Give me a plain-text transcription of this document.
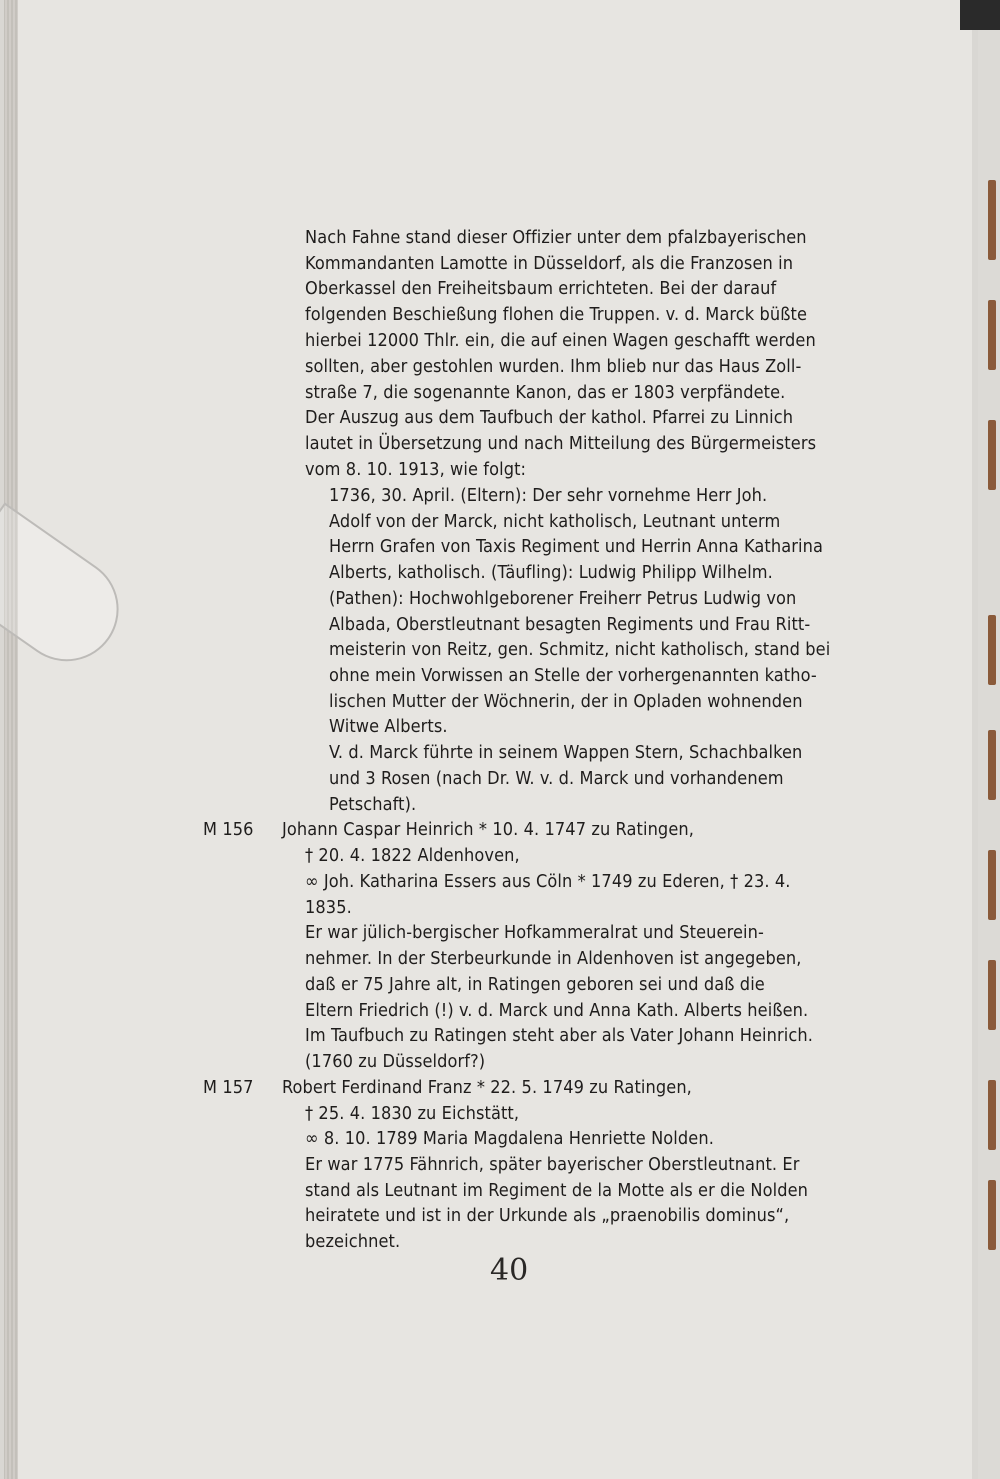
Nach Fahne stand dieser Offizier unter dem pfalzbayerischen
Kommandanten Lamotte in Düsseldorf, als die Franzosen in
Oberkassel den Freiheitsbaum errichteten. Bei der darauf
folgenden Beschießung flohen die Truppen. v. d. Marck büßte
hierbei 12000 Thlr. ein, die auf einen Wagen geschafft werden
sollten, aber gestohlen wurden. Ihm blieb nur das Haus Zoll-
straße 7, die sogenannte Kanon, das er 1803 verpfändete.
Der Auszug aus dem Taufbuch der kathol. Pfarrei zu Linnich
lautet in Übersetzung und nach Mitteilung des Bürgermeisters
vom 8. 10. 1913, wie folgt:
1736, 30. April. (Eltern): Der sehr vornehme Herr Joh.
Adolf von der Marck, nicht katholisch, Leutnant unterm
Herrn Grafen von Taxis Regiment und Herrin Anna Katharina
Alberts, katholisch. (Täufling): Ludwig Philipp Wilhelm.
(Pathen): Hochwohlgeborener Freiherr Petrus Ludwig von
Albada, Oberstleutnant besagten Regiments und Frau Ritt-
meisterin von Reitz, gen. Schmitz, nicht katholisch, stand bei
ohne mein Vorwissen an Stelle der vorhergenannten katho-
lischen Mutter der Wöchnerin, der in Opladen wohnenden
Witwe Alberts.
V. d. Marck führte in seinem Wappen Stern, Schachbalken
und 3 Rosen (nach Dr. W. v. d. Marck und vorhandenem
Petschaft).
M 156 Johann Caspar Heinrich * 10. 4. 1747 zu Ratingen,
† 20. 4. 1822 Aldenhoven,
∞ Joh. Katharina Essers aus Cöln * 1749 zu Ederen, † 23. 4.
1835.
Er war jülich-bergischer Hofkammeralrat und Steuerein-
nehmer. In der Sterbeurkunde in Aldenhoven ist angegeben,
daß er 75 Jahre alt, in Ratingen geboren sei und daß die
Eltern Friedrich (!) v. d. Marck und Anna Kath. Alberts heißen.
Im Taufbuch zu Ratingen steht aber als Vater Johann Heinrich.
(1760 zu Düsseldorf?)
M 157 Robert Ferdinand Franz * 22. 5. 1749 zu Ratingen,
† 25. 4. 1830 zu Eichstätt,
∞ 8. 10. 1789 Maria Magdalena Henriette Nolden.
Er war 1775 Fähnrich, später bayerischer Oberstleutnant. Er
stand als Leutnant im Regiment de la Motte als er die Nolden
heiratete und ist in der Urkunde als „praenobilis dominus“,
bezeichnet.
40
